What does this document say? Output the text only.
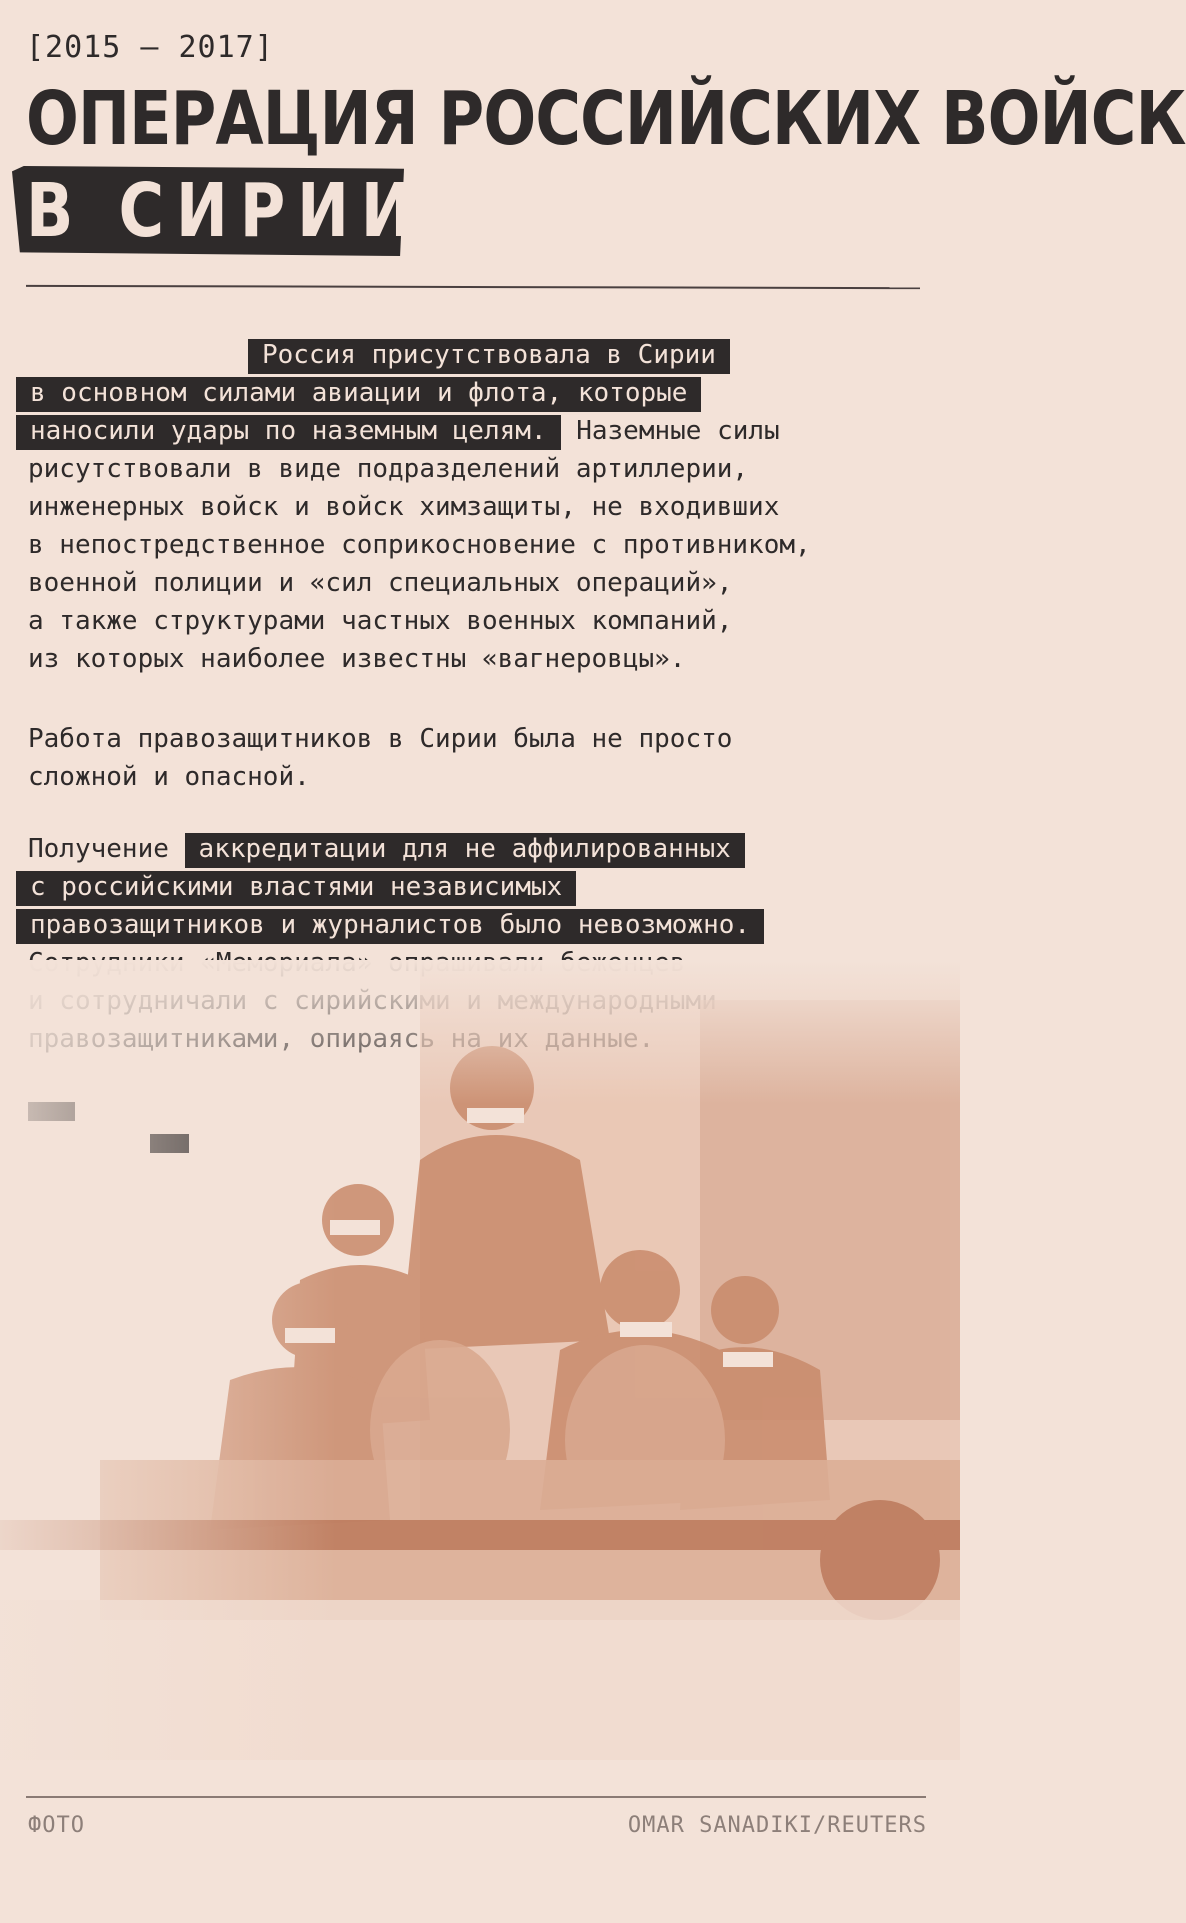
[2015 — 2017]
ОПЕРАЦИЯ РОССИЙСКИХ ВОЙСК
В СИРИИ
Россия присутствовала в Сирии
в основном силами авиации и флота, которые
наносили удары по наземным целям. Наземные силы
рисутствовали в виде подразделений артиллерии,
инженерных войск и войск химзащиты, не входивших
в непостредственное соприкосновение с противником,
военной полиции и «сил специальных операций»,
а также структурами частных военных компаний,
из которых наиболее известны «вагнеровцы».
Работа правозащитников в Сирии была не просто
сложной и опасной.
Получение аккредитации для не аффилированных
с российскими властями независимых
правозащитников и журналистов было невозможно.
ФОТО	OMAR SANADIKI/REUTERS
